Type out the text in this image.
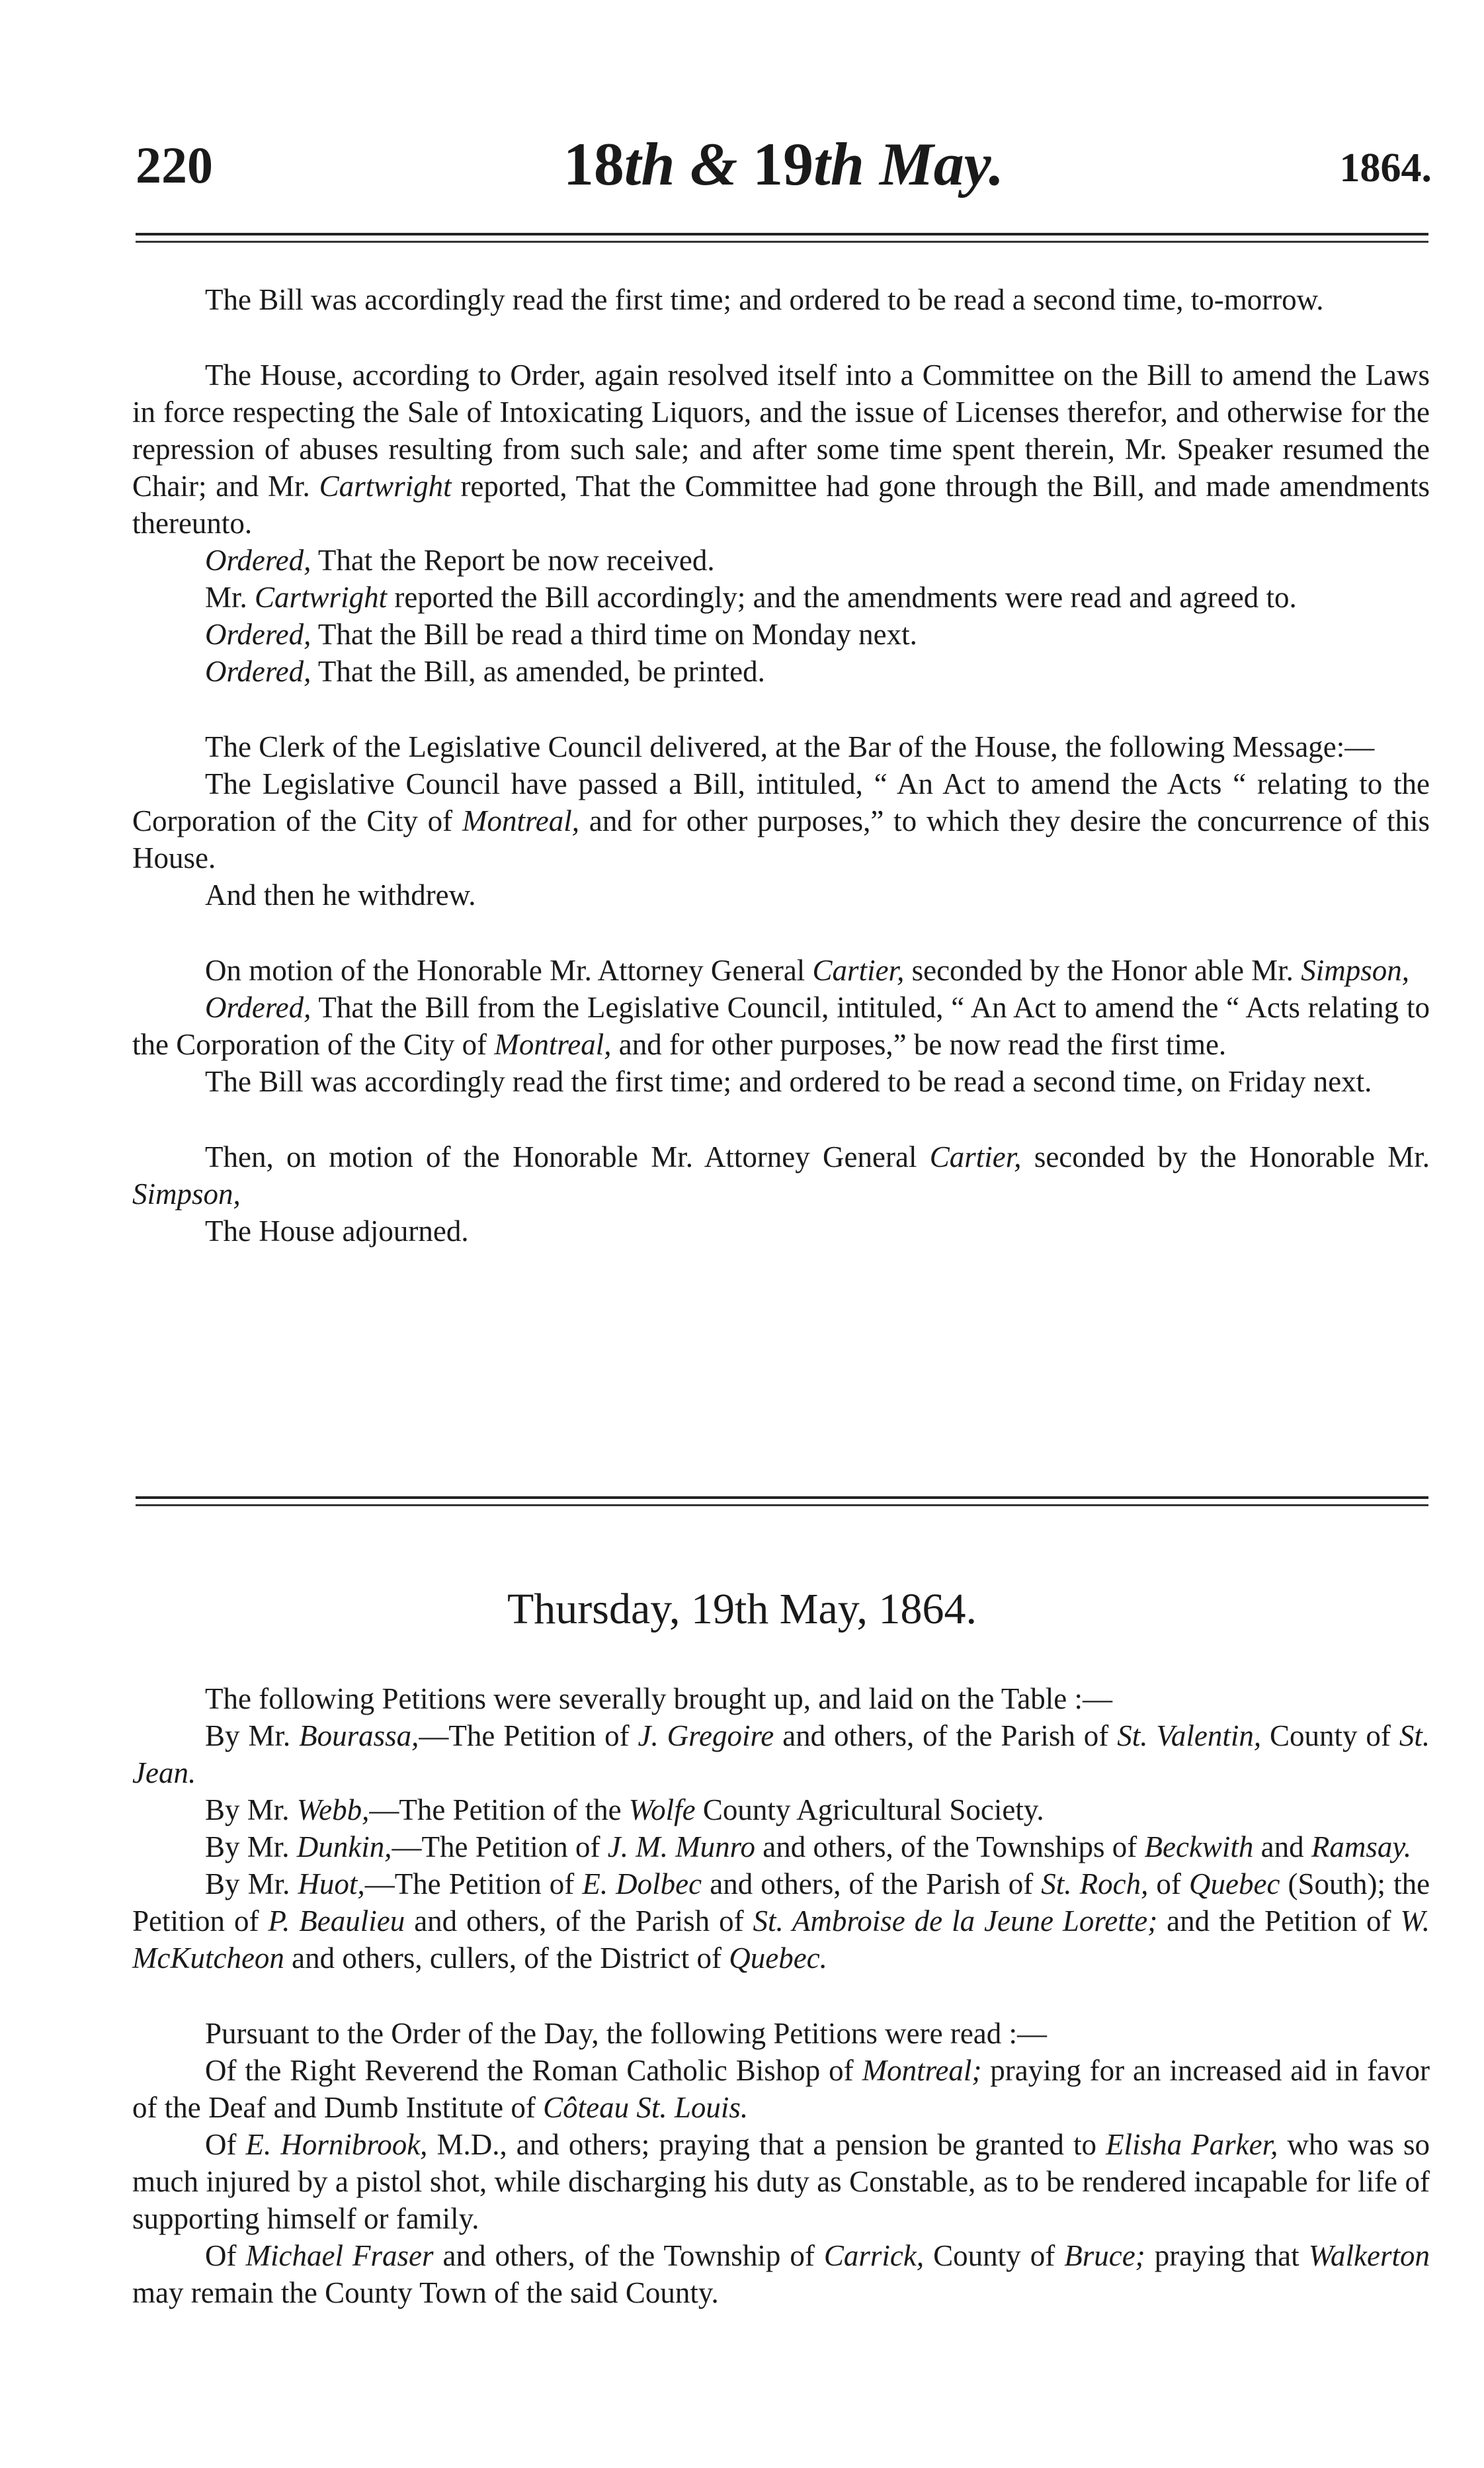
220	18th & 19th May.	1864.

The Bill was accordingly read the first time; and ordered to be read a second time, to-morrow.

The House, according to Order, again resolved itself into a Committee on the Bill to amend the Laws in force respecting the Sale of Intoxicating Liquors, and the issue of Licenses therefor, and otherwise for the repression of abuses resulting from such sale; and after some time spent therein, Mr. Speaker resumed the Chair; and Mr. Cartwright reported, That the Committee had gone through the Bill, and made amendments thereunto.

Ordered, That the Report be now received.

Mr. Cartwright reported the Bill accordingly; and the amendments were read and agreed to.

Ordered, That the Bill be read a third time on Monday next.

Ordered, That the Bill, as amended, be printed.

The Clerk of the Legislative Council delivered, at the Bar of the House, the following Message:—

The Legislative Council have passed a Bill, intituled, “ An Act to amend the Acts “ relating to the Corporation of the City of Montreal, and for other purposes,” to which they desire the concurrence of this House.

And then he withdrew.

On motion of the Honorable Mr. Attorney General Cartier, seconded by the Honor able Mr. Simpson,

Ordered, That the Bill from the Legislative Council, intituled, “ An Act to amend the “ Acts relating to the Corporation of the City of Montreal, and for other purposes,” be now read the first time.

The Bill was accordingly read the first time; and ordered to be read a second time, on Friday next.

Then, on motion of the Honorable Mr. Attorney General Cartier, seconded by the Honorable Mr. Simpson,

The House adjourned.

Thursday, 19th May, 1864.

The following Petitions were severally brought up, and laid on the Table :—

By Mr. Bourassa,—The Petition of J. Gregoire and others, of the Parish of St. Valentin, County of St. Jean.

By Mr. Webb,—The Petition of the Wolfe County Agricultural Society.

By Mr. Dunkin,—The Petition of J. M. Munro and others, of the Townships of Beckwith and Ramsay.

By Mr. Huot,—The Petition of E. Dolbec and others, of the Parish of St. Roch, of Quebec (South); the Petition of P. Beaulieu and others, of the Parish of St. Ambroise de la Jeune Lorette; and the Petition of W. McKutcheon and others, cullers, of the District of Quebec.

Pursuant to the Order of the Day, the following Petitions were read :—

Of the Right Reverend the Roman Catholic Bishop of Montreal; praying for an increased aid in favor of the Deaf and Dumb Institute of Côteau St. Louis.

Of E. Hornibrook, M.D., and others; praying that a pension be granted to Elisha Parker, who was so much injured by a pistol shot, while discharging his duty as Constable, as to be rendered incapable for life of supporting himself or family.

Of Michael Fraser and others, of the Township of Carrick, County of Bruce; praying that Walkerton may remain the County Town of the said County.
